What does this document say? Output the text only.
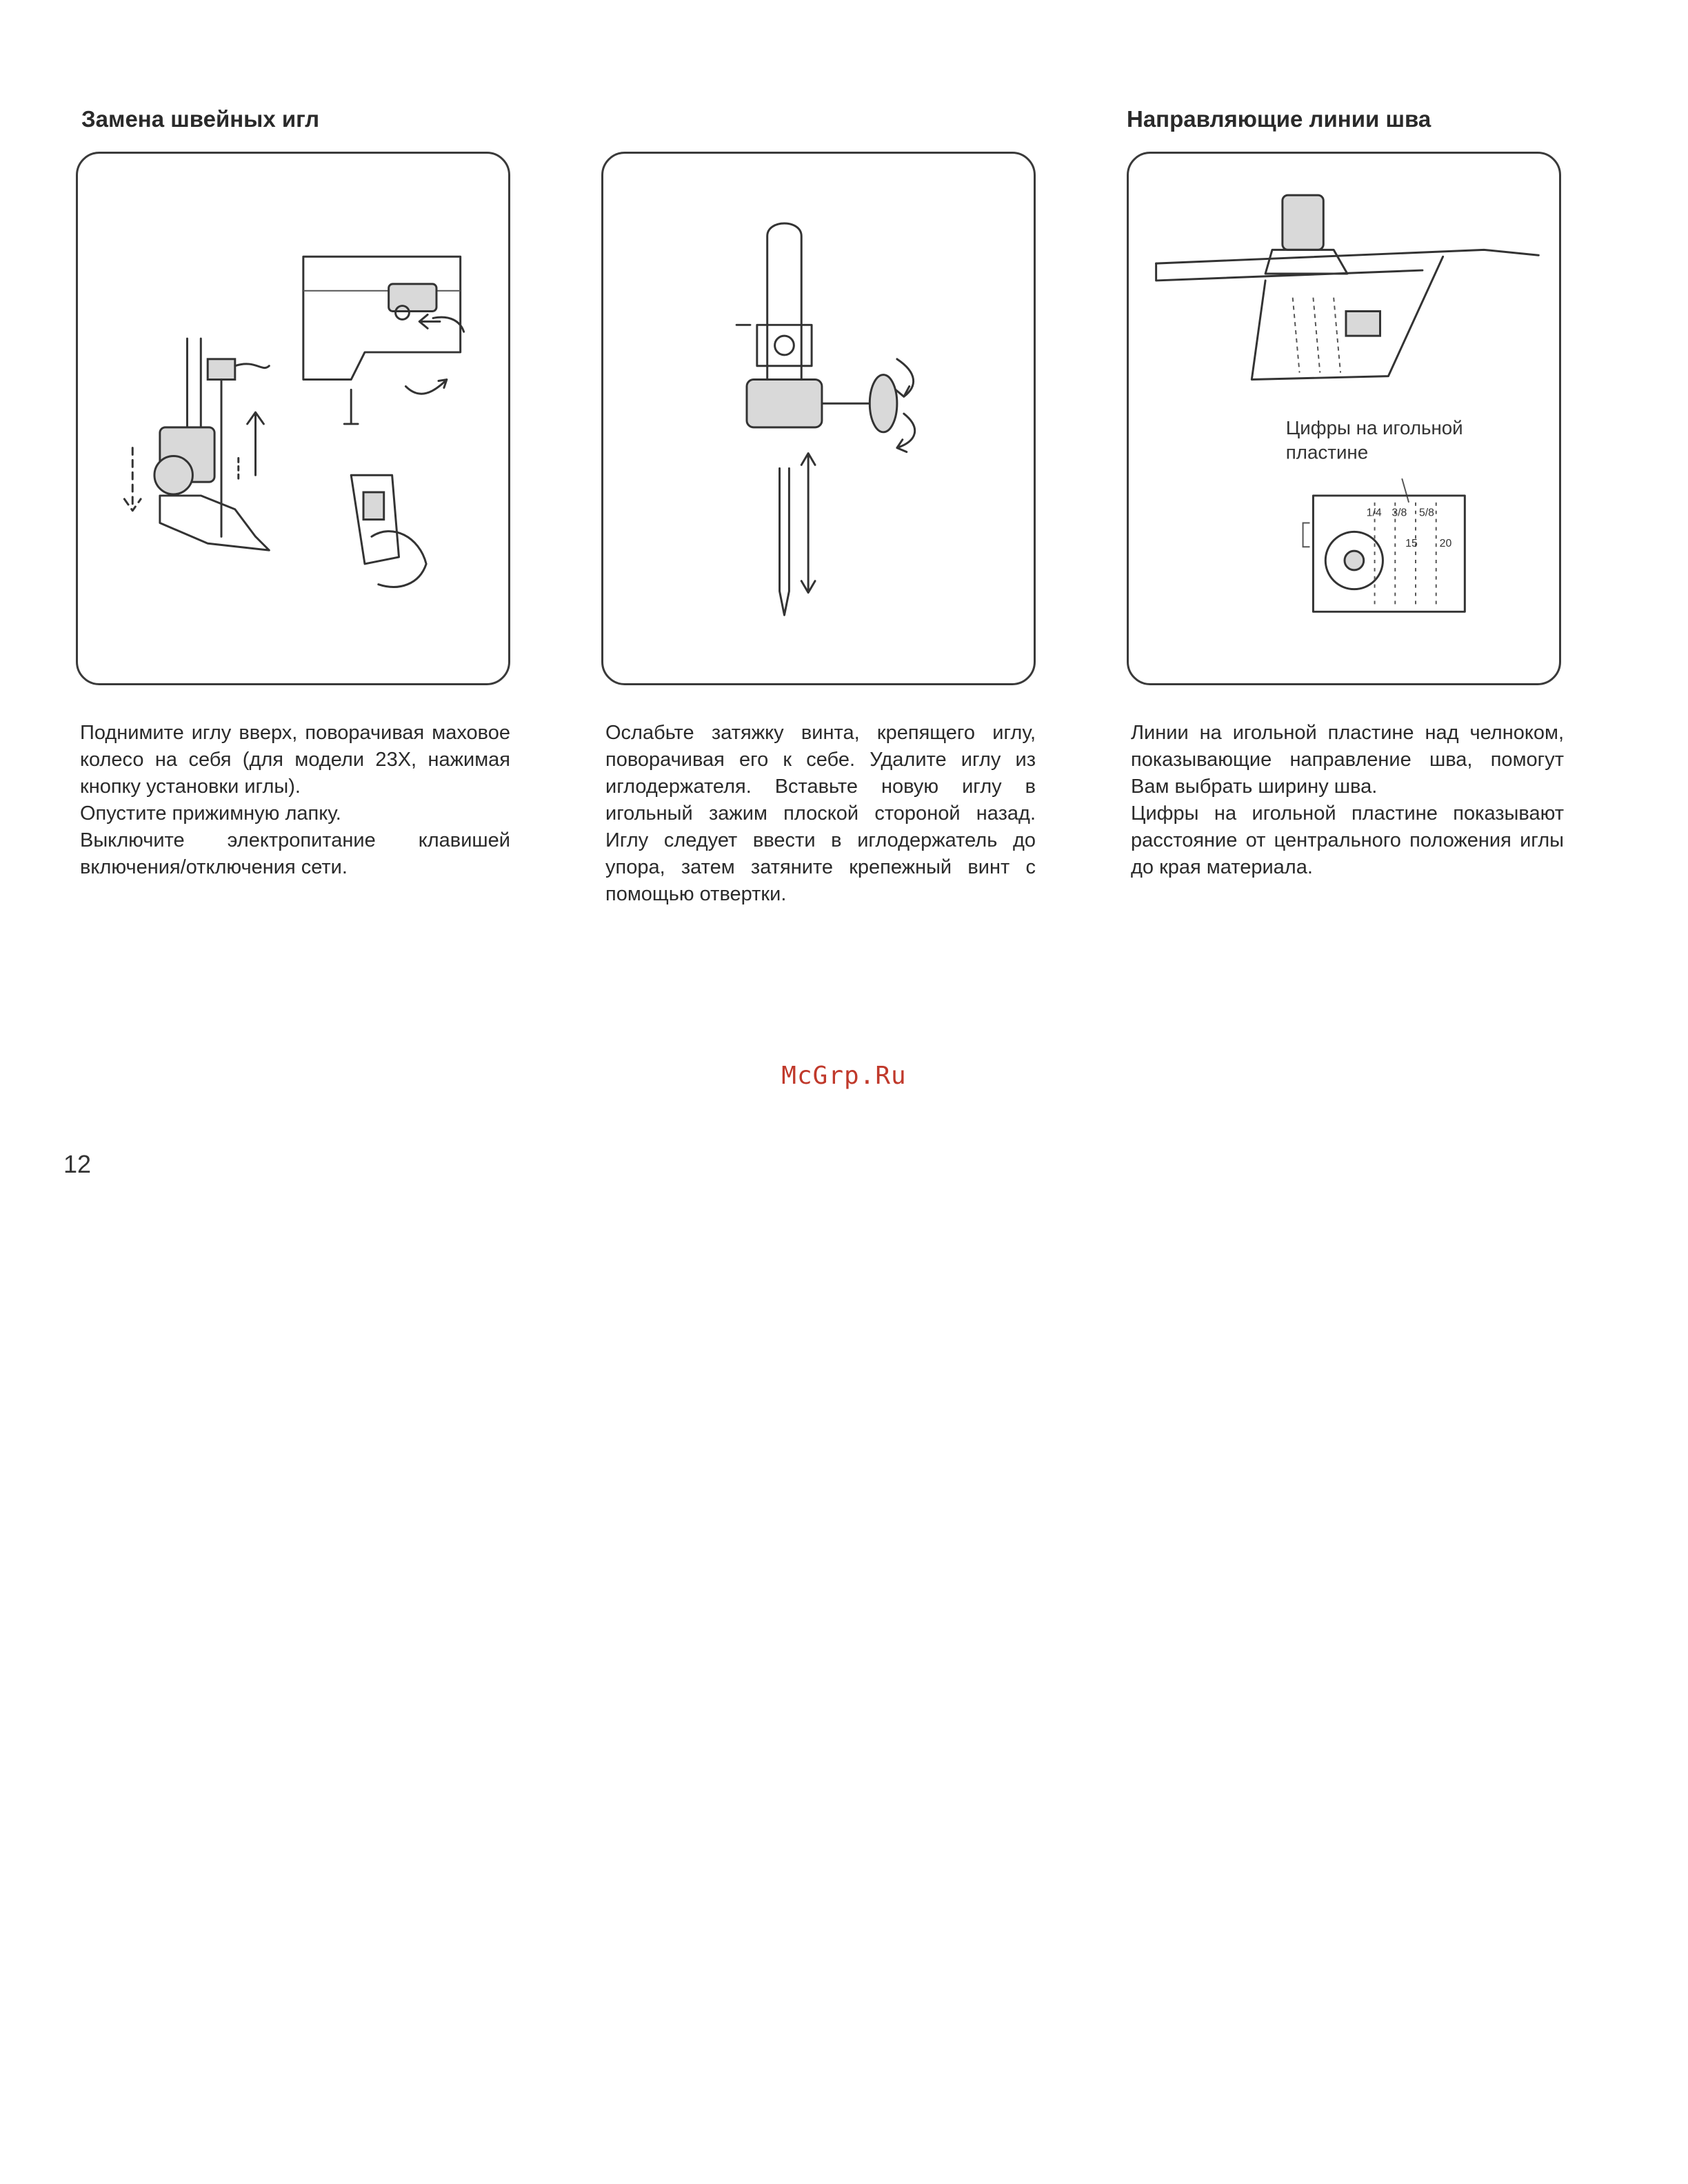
Замена швейных игл	Направляющие линии шва
Цифры на игольной
пластине
1/4 3/8 5/8
15 20

Поднимите иглу вверх, поворачивая маховое колесо на себя (для модели 23X, нажимая кнопку установки иглы).

Опустите прижимную лапку.

Выключите электропитание клавишей включения/отключения сети.

Ослабьте затяжку винта, крепящего иглу, поворачивая его к себе. Удалите иглу из иглодержателя. Вставьте новую иглу в игольный зажим плоской стороной назад. Иглу следует ввести в иглодержатель до упора, затем затяните крепежный винт с помощью отвертки.

Линии на игольной пластине над челноком, показывающие направление шва, помогут Вам выбрать ширину шва.

Цифры на игольной пластине показывают расстояние от центрального положения иглы до края материала.

McGrp.Ru
12
